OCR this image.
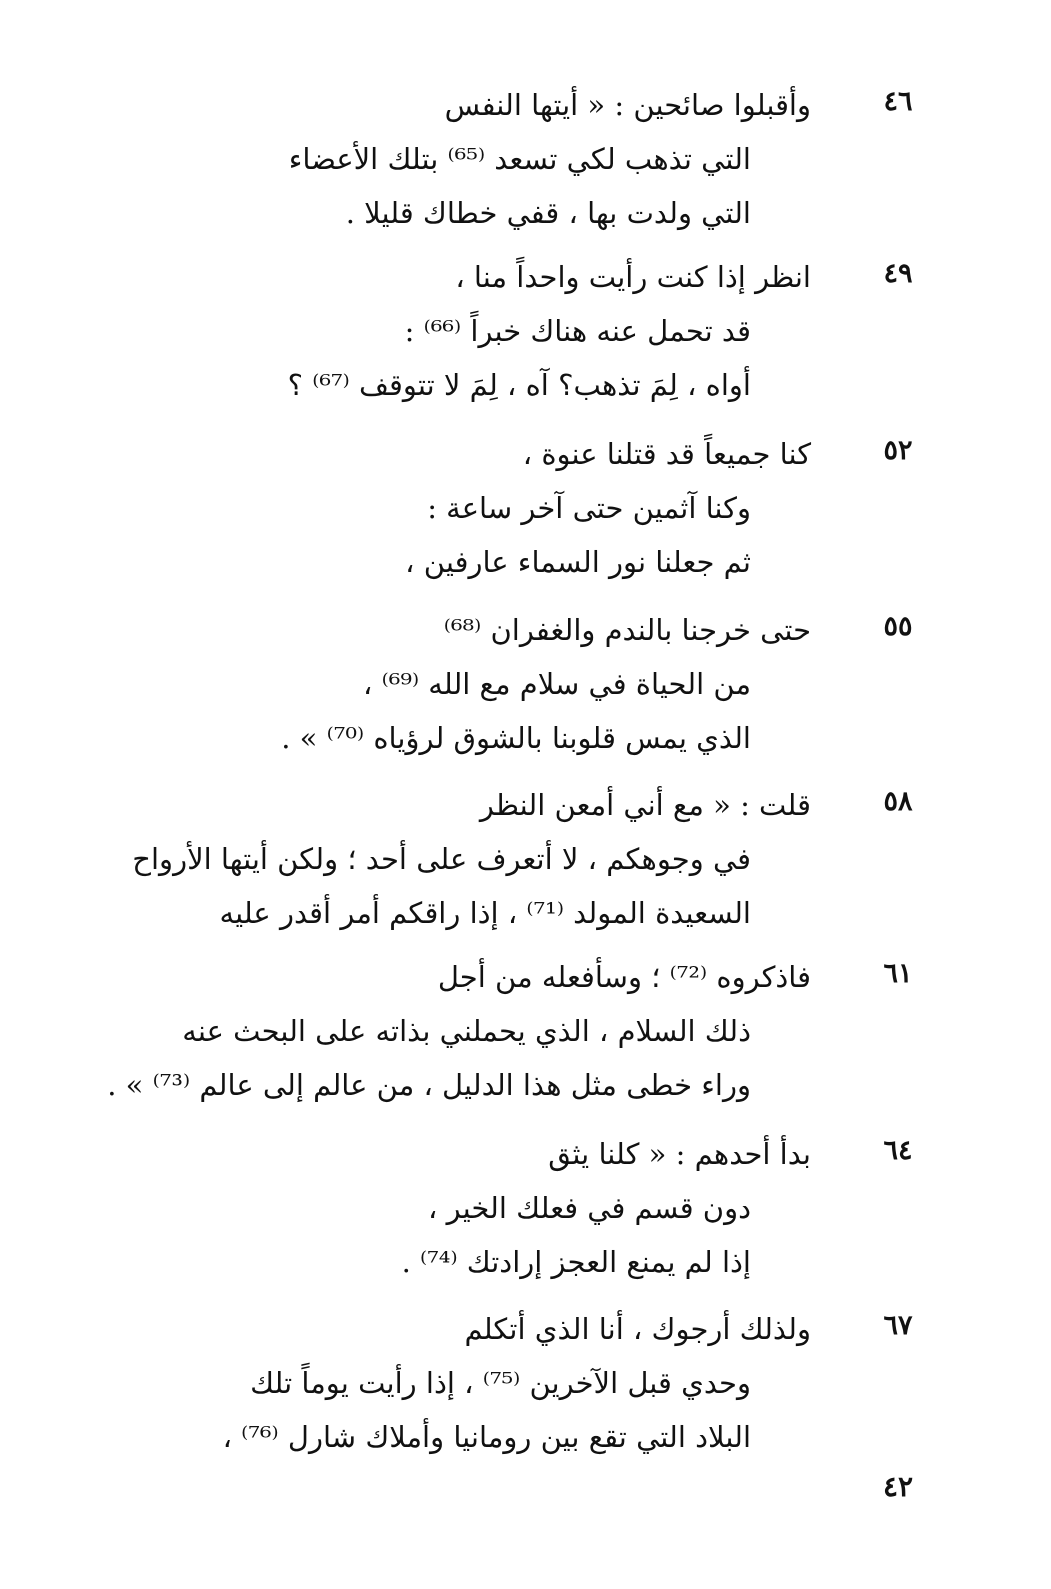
٤٦
وأقبلوا صائحين : « أيتها النفس
التي تذهب لكي تسعد ⁽⁶⁵⁾ بتلك الأعضاء
التي ولدت بها ، قفي خطاك قليلا .
٤٩
انظر إذا كنت رأيت واحداً منا ،
قد تحمل عنه هناك خبراً ⁽⁶⁶⁾ :
أواه ، لِمَ تذهب؟ آه ، لِمَ لا تتوقف ⁽⁶⁷⁾ ؟
٥٢
كنا جميعاً قد قتلنا عنوة ،
وكنا آثمين حتى آخر ساعة :
ثم جعلنا نور السماء عارفين ،
٥٥
حتى خرجنا بالندم والغفران ⁽⁶⁸⁾
من الحياة في سلام مع الله ⁽⁶⁹⁾ ،
الذي يمس قلوبنا بالشوق لرؤياه ⁽⁷⁰⁾ » .
٥٨
قلت : « مع أني أمعن النظر
في وجوهكم ، لا أتعرف على أحد ؛ ولكن أيتها الأرواح
السعيدة المولد ⁽⁷¹⁾ ، إذا راقكم أمر أقدر عليه
٦١
فاذكروه ⁽⁷²⁾ ؛ وسأفعله من أجل
ذلك السلام ، الذي يحملني بذاته على البحث عنه
وراء خطى مثل هذا الدليل ، من عالم إلى عالم ⁽⁷³⁾ » .
٦٤
بدأ أحدهم : « كلنا يثق
دون قسم في فعلك الخير ،
إذا لم يمنع العجز إرادتك ⁽⁷⁴⁾ .
٦٧
ولذلك أرجوك ، أنا الذي أتكلم
وحدي قبل الآخرين ⁽⁷⁵⁾ ، إذا رأيت يوماً تلك
البلاد التي تقع بين رومانيا وأملاك شارل ⁽⁷⁶⁾ ،
٤٢
